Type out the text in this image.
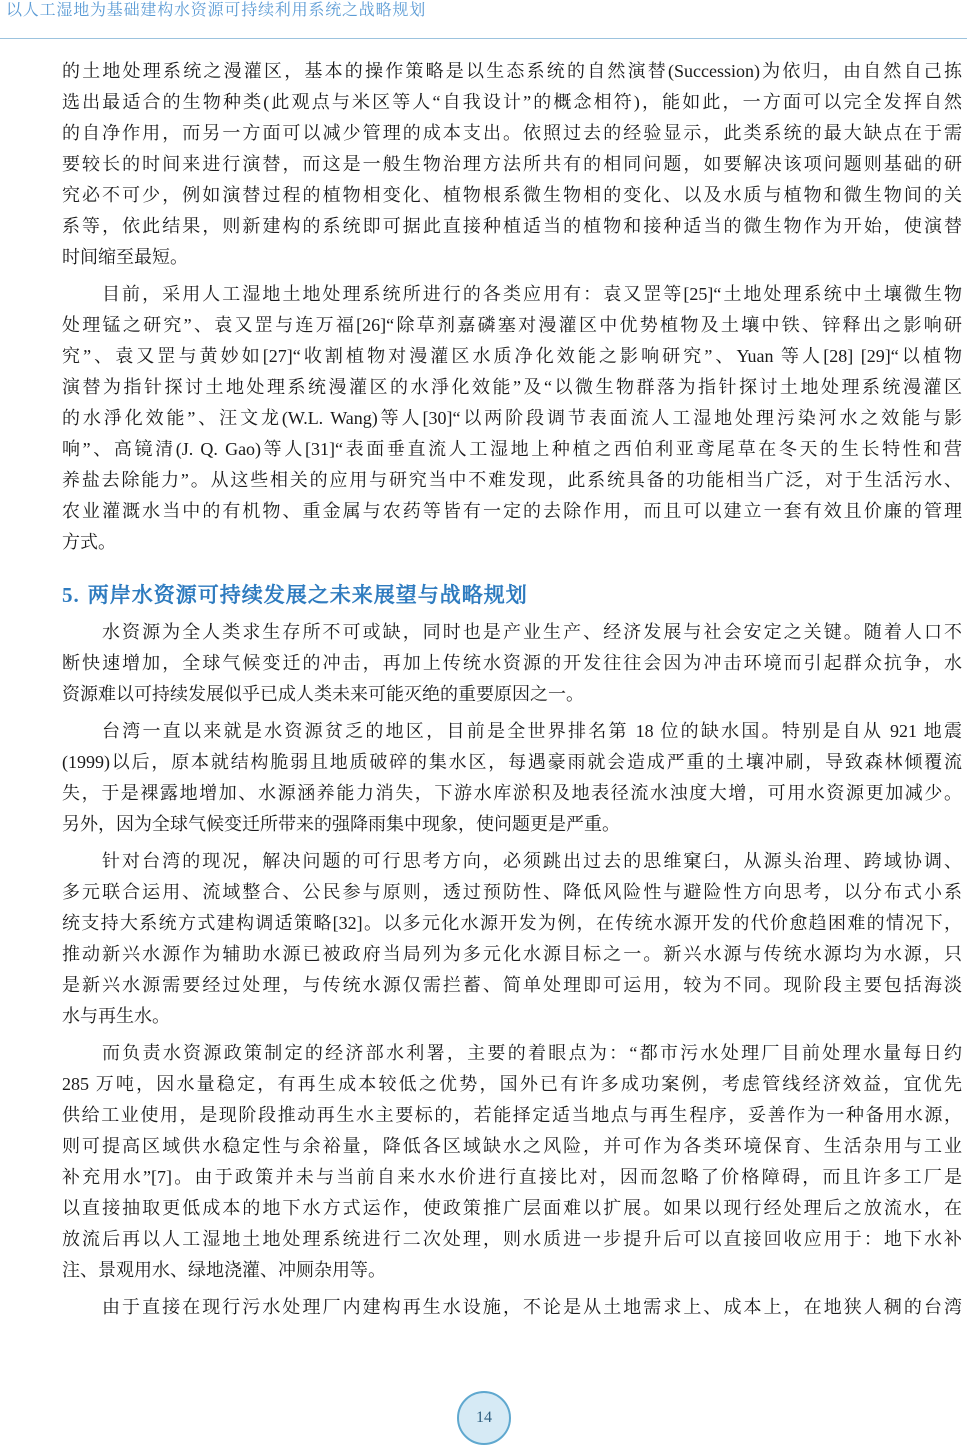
以人工湿地为基础建构水资源可持续利用系统之战略规划
的土地处理系统之漫灌区，基本的操作策略是以生态系统的自然演替(Succession)为依归，由自然自己拣
选出最适合的生物种类(此观点与米区等人“自我设计”的概念相符)，能如此，一方面可以完全发挥自然
的自净作用，而另一方面可以减少管理的成本支出。依照过去的经验显示，此类系统的最大缺点在于需
要较长的时间来进行演替，而这是一般生物治理方法所共有的相同问题，如要解决该项问题则基础的研
究必不可少，例如演替过程的植物相变化、植物根系微生物相的变化、以及水质与植物和微生物间的关
系等，依此结果，则新建构的系统即可据此直接种植适当的植物和接种适当的微生物作为开始，使演替
时间缩至最短。
目前，采用人工湿地土地处理系统所进行的各类应用有：袁又罡等[25]“土地处理系统中土壤微生物
处理锰之研究”、袁又罡与连万福[26]“除草剂嘉磷塞对漫灌区中优势植物及土壤中铁、锌释出之影响研
究”、袁又罡与黄妙如[27]“收割植物对漫灌区水质净化效能之影响研究”、Yuan 等人[28] [29]“以植物
演替为指针探讨土地处理系统漫灌区的水淨化效能”及“以微生物群落为指针探讨土地处理系统漫灌区
的水淨化效能”、汪文龙(W.L. Wang)等人[30]“以两阶段调节表面流人工湿地处理污染河水之效能与影
响”、高镜清(J. Q. Gao)等人[31]“表面垂直流人工湿地上种植之西伯利亚鸢尾草在冬天的生长特性和营
养盐去除能力”。从这些相关的应用与研究当中不难发现，此系统具备的功能相当广泛，对于生活污水、
农业灌溉水当中的有机物、重金属与农药等皆有一定的去除作用，而且可以建立一套有效且价廉的管理
方式。
5. 两岸水资源可持续发展之未来展望与战略规划
水资源为全人类求生存所不可或缺，同时也是产业生产、经济发展与社会安定之关键。随着人口不
断快速增加，全球气候变迁的冲击，再加上传统水资源的开发往往会因为冲击环境而引起群众抗争，水
资源难以可持续发展似乎已成人类未来可能灭绝的重要原因之一。
台湾一直以来就是水资源贫乏的地区，目前是全世界排名第 18 位的缺水国。特别是自从 921 地震
(1999)以后，原本就结构脆弱且地质破碎的集水区，每遇豪雨就会造成严重的土壤冲刷，导致森林倾覆流
失，于是裸露地增加、水源涵养能力消失，下游水库淤积及地表径流水浊度大增，可用水资源更加减少。
另外，因为全球气候变迁所带来的强降雨集中现象，使问题更是严重。
针对台湾的现况，解决问题的可行思考方向，必须跳出过去的思维窠臼，从源头治理、跨域协调、
多元联合运用、流域整合、公民参与原则，透过预防性、降低风险性与避险性方向思考，以分布式小系
统支持大系统方式建构调适策略[32]。以多元化水源开发为例，在传统水源开发的代价愈趋困难的情况下，
推动新兴水源作为辅助水源已被政府当局列为多元化水源目标之一。新兴水源与传统水源均为水源，只
是新兴水源需要经过处理，与传统水源仅需拦蓄、简单处理即可运用，较为不同。现阶段主要包括海淡
水与再生水。
而负责水资源政策制定的经济部水利署，主要的着眼点为：“都市污水处理厂目前处理水量每日约
285 万吨，因水量稳定，有再生成本较低之优势，国外已有许多成功案例，考虑管线经济效益，宜优先
供给工业使用，是现阶段推动再生水主要标的，若能择定适当地点与再生程序，妥善作为一种备用水源，
则可提高区域供水稳定性与余裕量，降低各区域缺水之风险，并可作为各类环境保育、生活杂用与工业
补充用水”[7]。由于政策并未与当前自来水水价进行直接比对，因而忽略了价格障碍，而且许多工厂是
以直接抽取更低成本的地下水方式运作，使政策推广层面难以扩展。如果以现行经处理后之放流水，在
放流后再以人工湿地土地处理系统进行二次处理，则水质进一步提升后可以直接回收应用于：地下水补
注、景观用水、绿地浇灌、冲厕杂用等。
由于直接在现行污水处理厂内建构再生水设施，不论是从土地需求上、成本上，在地狭人稠的台湾
14
